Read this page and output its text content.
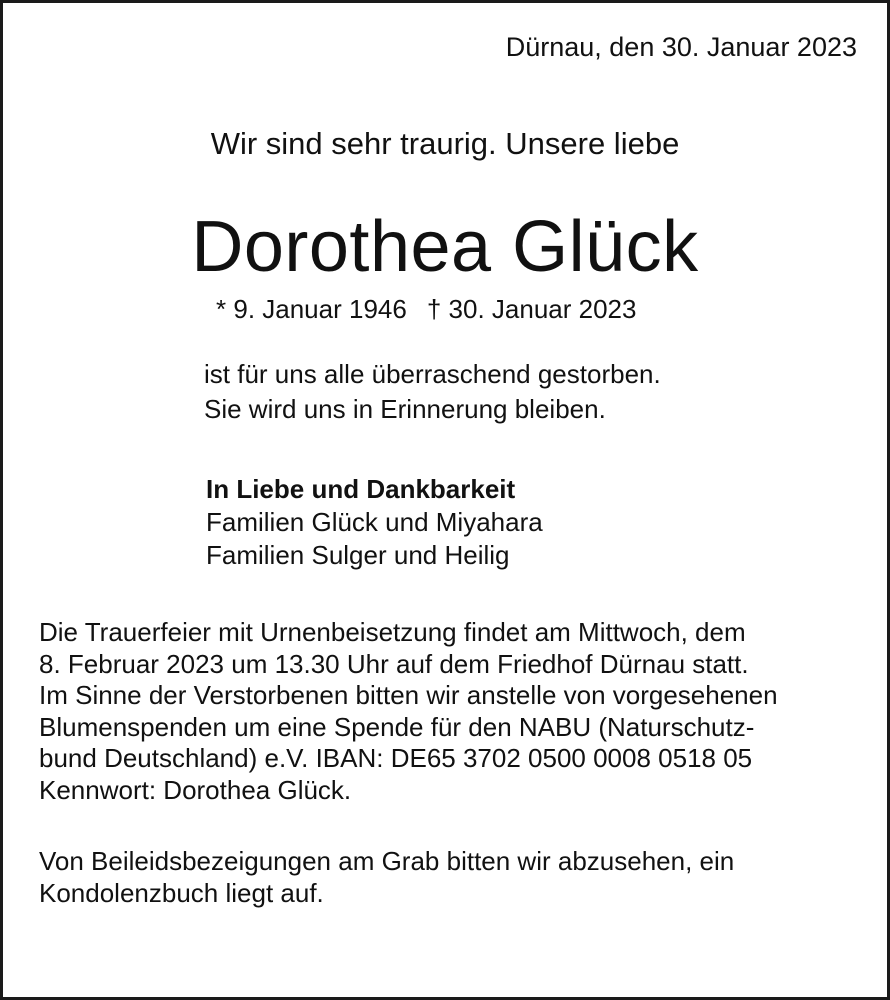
Dürnau, den 30. Januar 2023
Wir sind sehr traurig. Unsere liebe
Dorothea Glück
* 9. Januar 1946 † 30. Januar 2023
ist für uns alle überraschend gestorben.
Sie wird uns in Erinnerung bleiben.
In Liebe und Dankbarkeit
Familien Glück und Miyahara
Familien Sulger und Heilig
Die Trauerfeier mit Urnenbeisetzung findet am Mittwoch, dem
8. Februar 2023 um 13.30 Uhr auf dem Friedhof Dürnau statt.
Im Sinne der Verstorbenen bitten wir anstelle von vorgesehenen
Blumenspenden um eine Spende für den NABU (Naturschutz-
bund Deutschland) e.V. IBAN: DE65 3702 0500 0008 0518 05
Kennwort: Dorothea Glück.
Von Beileidsbezeigungen am Grab bitten wir abzusehen, ein
Kondolenzbuch liegt auf.
